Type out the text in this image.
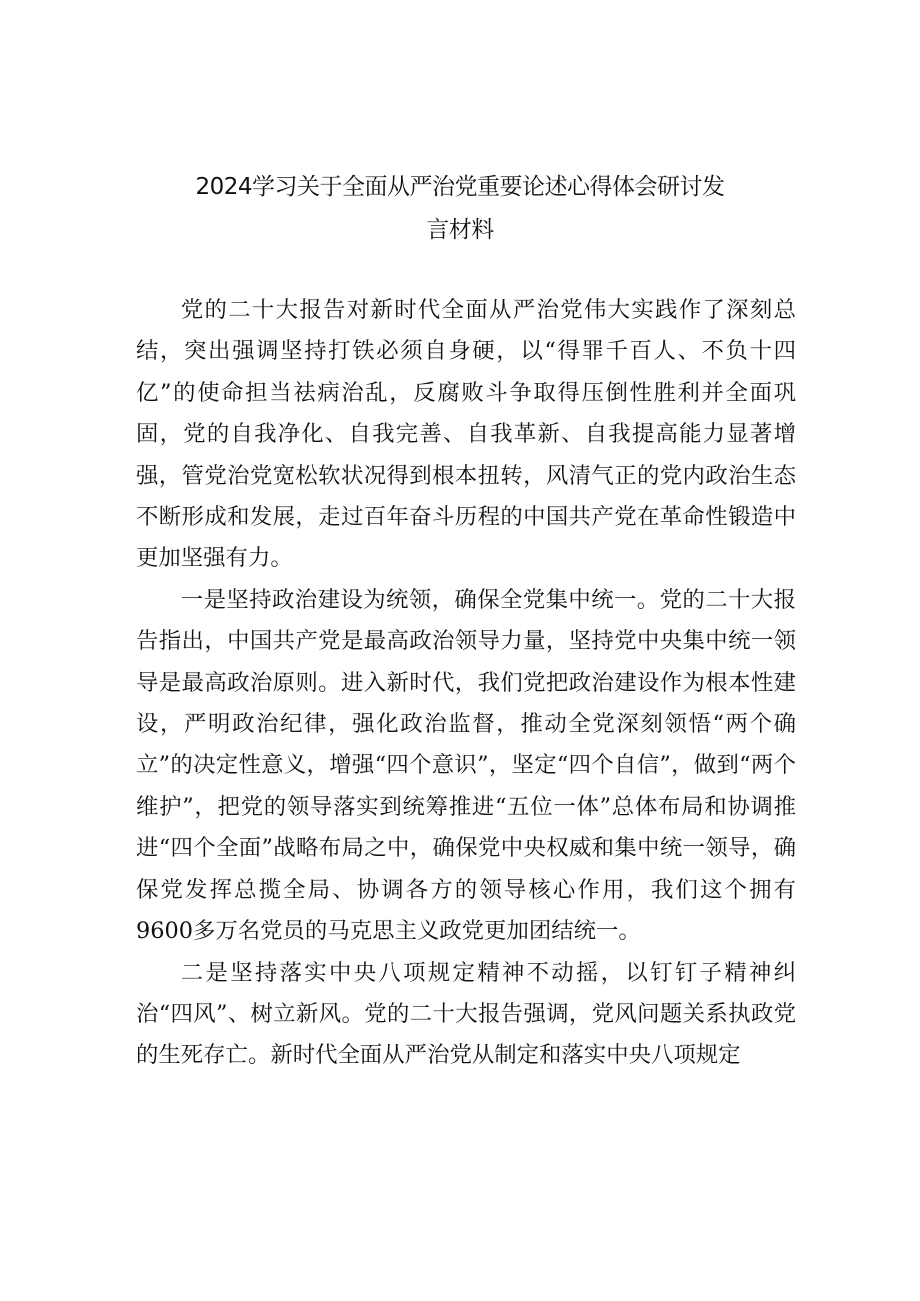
2024学习关于全面从严治党重要论述心得体会研讨发
言材料

党的二十大报告对新时代全面从严治党伟大实践作了深刻总结，突出强调坚持打铁必须自身硬，以“得罪千百人、不负十四亿”的使命担当祛病治乱，反腐败斗争取得压倒性胜利并全面巩固，党的自我净化、自我完善、自我革新、自我提高能力显著增强，管党治党宽松软状况得到根本扭转，风清气正的党内政治生态不断形成和发展，走过百年奋斗历程的中国共产党在革命性锻造中更加坚强有力。

一是坚持政治建设为统领，确保全党集中统一。党的二十大报告指出，中国共产党是最高政治领导力量，坚持党中央集中统一领导是最高政治原则。进入新时代，我们党把政治建设作为根本性建设，严明政治纪律，强化政治监督，推动全党深刻领悟“两个确立”的决定性意义，增强“四个意识”，坚定“四个自信”，做到“两个维护”，把党的领导落实到统筹推进“五位一体”总体布局和协调推进“四个全面”战略布局之中，确保党中央权威和集中统一领导，确保党发挥总揽全局、协调各方的领导核心作用，我们这个拥有9600多万名党员的马克思主义政党更加团结统一。

二是坚持落实中央八项规定精神不动摇，以钉钉子精神纠治“四风”、树立新风。党的二十大报告强调，党风问题关系执政党的生死存亡。新时代全面从严治党从制定和落实中央八项规定
